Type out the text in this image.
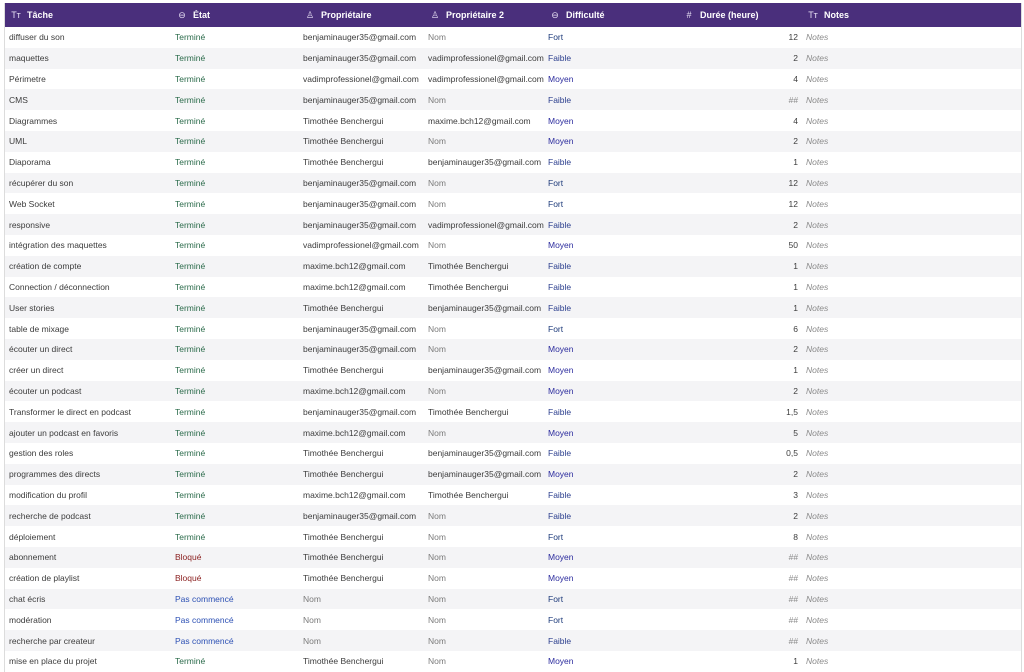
Tт Tâche	⊖ État	♙ Propriétaire	♙ Propriétaire 2	⊖ Difficulté	# Durée (heure)	Tт Notes
diffuser du son	Terminé	benjaminauger35@gmail.com	Nom	Fort	12 Notes
maquettes	Terminé	benjaminauger35@gmail.com	vadimprofessionel@gmail.com Faible	2 Notes
Périmetre	Terminé	vadimprofessionel@gmail.com	vadimprofessionel@gmail.com Moyen	4 Notes
CMS	Terminé	benjaminauger35@gmail.com	Nom	Faible	## Notes
Diagrammes	Terminé	Timothée Benchergui	maxime.bch12@gmail.com	Moyen	4 Notes
UML	Terminé	Timothée Benchergui	Nom	Moyen	2 Notes
Diaporama	Terminé	Timothée Benchergui	benjaminauger35@gmail.com Faible	1 Notes
récupérer du son	Terminé	benjaminauger35@gmail.com	Nom	Fort	12 Notes
Web Socket	Terminé	benjaminauger35@gmail.com	Nom	Fort	12 Notes
responsive	Terminé	benjaminauger35@gmail.com	vadimprofessionel@gmail.com Faible	2 Notes
intégration des maquettes	Terminé	vadimprofessionel@gmail.com	Nom	Moyen	50 Notes
création de compte	Terminé	maxime.bch12@gmail.com	Timothée Benchergui	Faible	1 Notes
Connection / déconnection	Terminé	maxime.bch12@gmail.com	Timothée Benchergui	Faible	1 Notes
User stories	Terminé	Timothée Benchergui	benjaminauger35@gmail.com Faible	1 Notes
table de mixage	Terminé	benjaminauger35@gmail.com	Nom	Fort	6 Notes
écouter un direct	Terminé	benjaminauger35@gmail.com	Nom	Moyen	2 Notes
créer un direct	Terminé	Timothée Benchergui	benjaminauger35@gmail.com Moyen	1 Notes
écouter un podcast	Terminé	maxime.bch12@gmail.com	Nom	Moyen	2 Notes
Transformer le direct en podcast	Terminé	benjaminauger35@gmail.com	Timothée Benchergui	Faible	1,5 Notes
ajouter un podcast en favoris	Terminé	maxime.bch12@gmail.com	Nom	Moyen	5 Notes
gestion des roles	Terminé	Timothée Benchergui	benjaminauger35@gmail.com Faible	0,5 Notes
programmes des directs	Terminé	Timothée Benchergui	benjaminauger35@gmail.com Moyen	2 Notes
modification du profil	Terminé	maxime.bch12@gmail.com	Timothée Benchergui	Faible	3 Notes
recherche de podcast	Terminé	benjaminauger35@gmail.com	Nom	Faible	2 Notes
déploiement	Terminé	Timothée Benchergui	Nom	Fort	8 Notes
abonnement	Bloqué	Timothée Benchergui	Nom	Moyen	## Notes
création de playlist	Bloqué	Timothée Benchergui	Nom	Moyen	## Notes
chat écris	Pas commencé	Nom	Nom	Fort	## Notes
modération	Pas commencé	Nom	Nom	Fort	## Notes
recherche par createur	Pas commencé	Nom	Nom	Faible	## Notes
mise en place du projet	Terminé	Timothée Benchergui	Nom	Moyen	1 Notes
